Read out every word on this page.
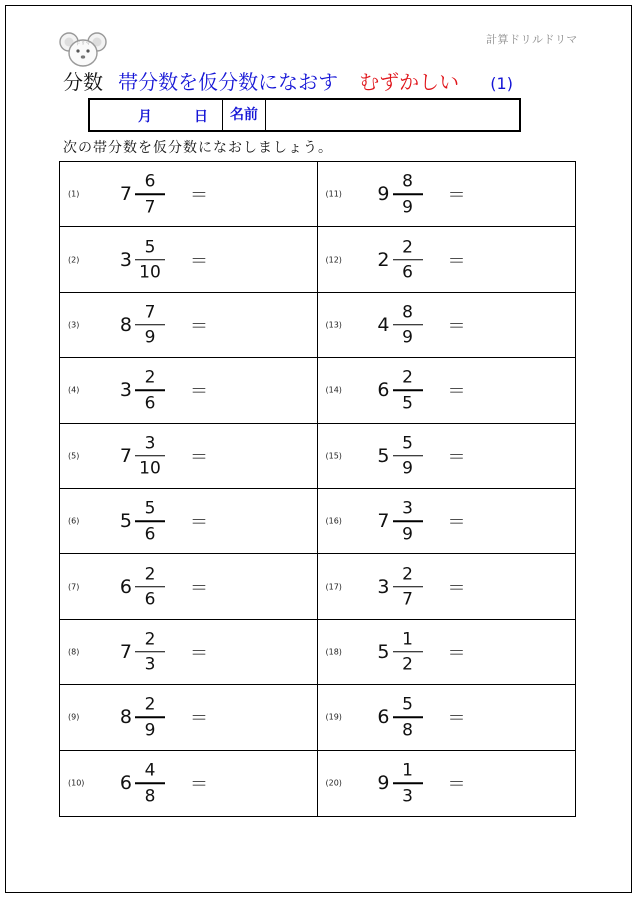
ドリマ	計算ドリルドリマ
分数 帯分数を仮分数になおす むずかしい (1)
月	日	名前
次の帯分数を仮分数になおしましょう。
(1) 7
6
7
＝	(11) 9
8
9
＝
(2) 3
5
10
＝	(12) 2
2
6
＝
(3) 8
7
9
＝	(13) 4
8
9
＝
(4) 3
2
6
＝	(14) 6
2
5
＝
(5) 7
3
10
＝	(15) 5
5
9
＝
(6) 5
5
6
＝	(16) 7
3
9
＝
(7) 6
2
6
＝	(17) 3
2
7
＝
(8) 7
2
3
＝	(18) 5
1
2
＝
(9) 8
2
9
＝	(19) 6
5
8
＝
(10) 6
4
8
＝	(20) 9
1
3
＝
